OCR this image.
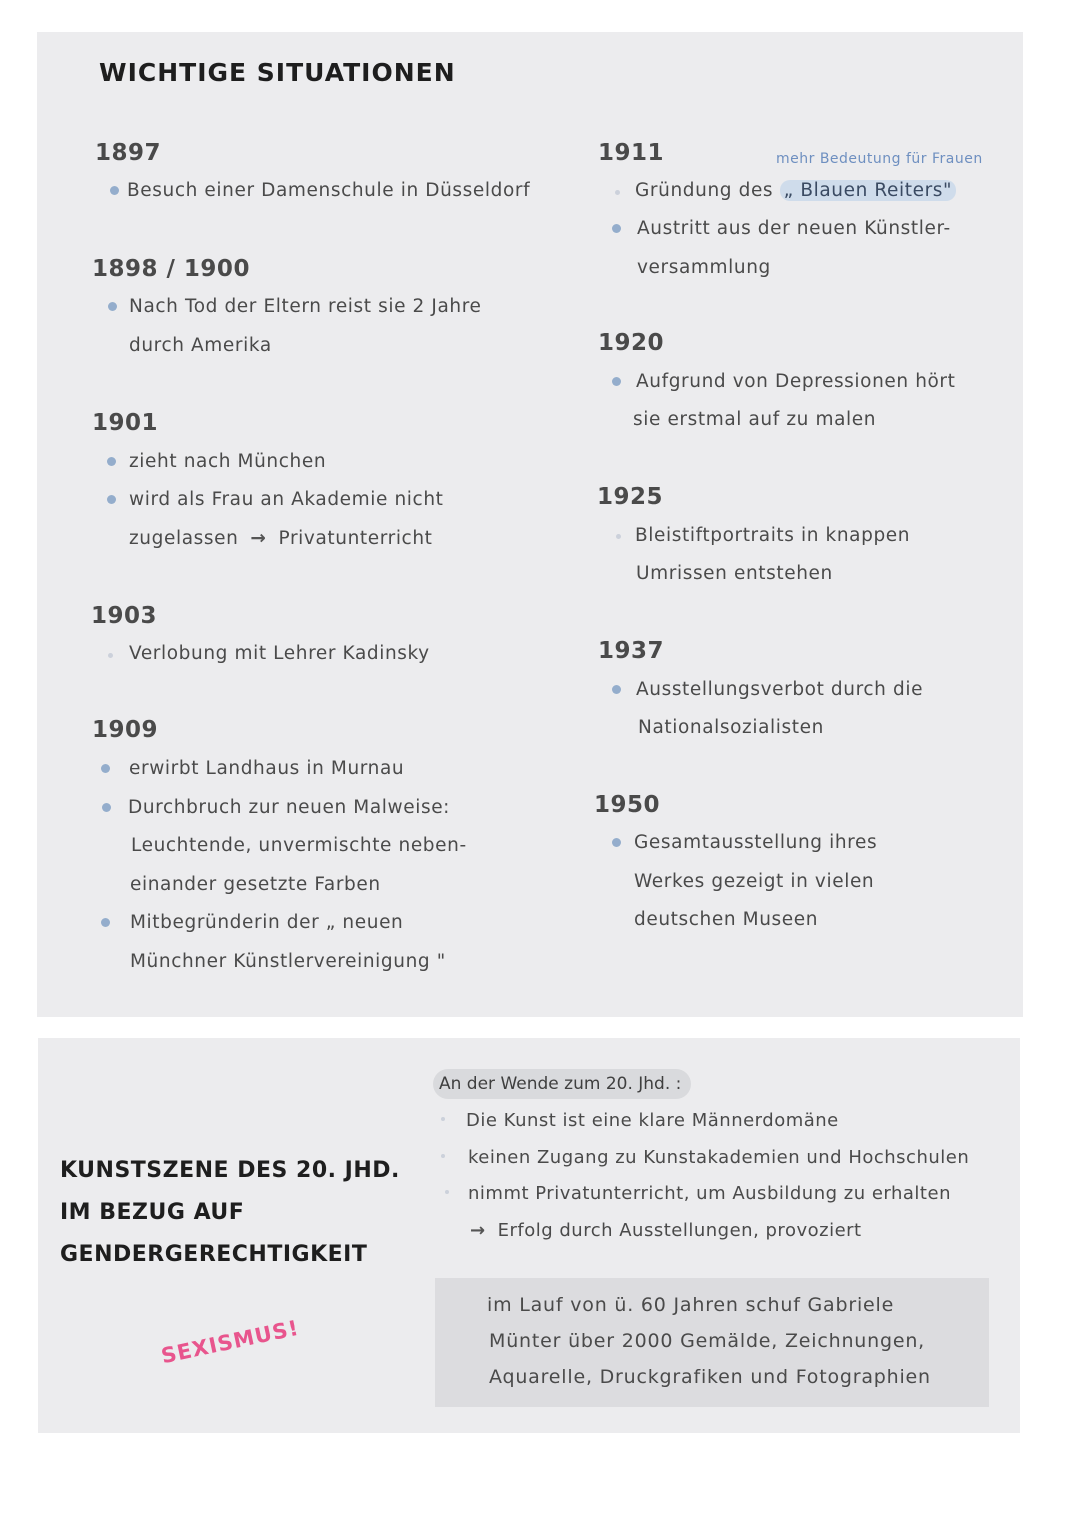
WICHTIGE SITUATIONEN
1897
Besuch einer Damenschule in Düsseldorf
1898 / 1900
Nach Tod der Eltern reist sie 2 Jahre
durch Amerika
1901
zieht nach München
wird als Frau an Akademie nicht
zugelassen → Privatunterricht
1903
Verlobung mit Lehrer Kadinsky
1909
erwirbt Landhaus in Murnau
Durchbruch zur neuen Malweise:
Leuchtende, unvermischte neben-
einander gesetzte Farben
Mitbegründerin der „ neuen
Münchner Künstlervereinigung "
1911	mehr Bedeutung für Frauen
Gründung des „ Blauen Reiters"
Austritt aus der neuen Künstler-
versammlung
1920
Aufgrund von Depressionen hört
sie erstmal auf zu malen
1925
Bleistiftportraits in knappen
Umrissen entstehen
1937
Ausstellungsverbot durch die
Nationalsozialisten
1950
Gesamtausstellung ihres
Werkes gezeigt in vielen
deutschen Museen
KUNSTSZENE DES 20. JHD.
IM BEZUG AUF
GENDERGERECHTIGKEIT
SEXISMUS!
An der Wende zum 20. Jhd. :
Die Kunst ist eine klare Männerdomäne
keinen Zugang zu Kunstakademien und Hochschulen
nimmt Privatunterricht, um Ausbildung zu erhalten
→ Erfolg durch Ausstellungen, provoziert
im Lauf von ü. 60 Jahren schuf Gabriele
Münter über 2000 Gemälde, Zeichnungen,
Aquarelle, Druckgrafiken und Fotographien
